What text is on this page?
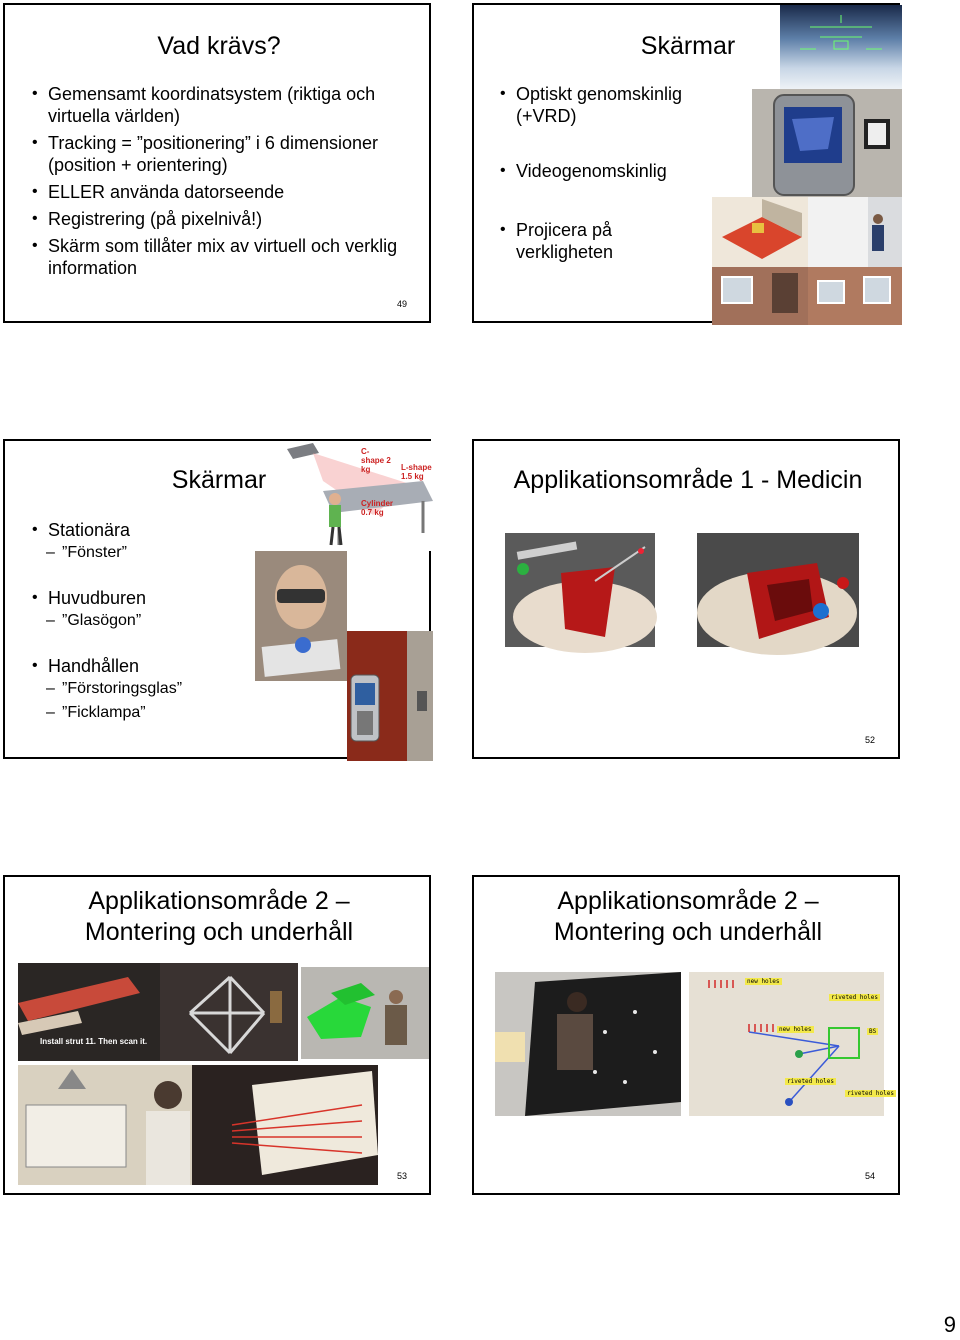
Vad krävs?
• Gemensamt koordinatsystem (riktiga och virtuella världen)
• Tracking = ”positionering” i 6 dimensioner (position + orientering)
• ELLER använda datorseende
• Registrering (på pixelnivå!)
• Skärm som tillåter mix av virtuell och verklig information
49
Skärmar
• Optiskt genomskinlig (+VRD)
• Videogenomskinlig
• Projicera på verkligheten
Skärmar
• Stationära
– ”Fönster”
• Huvudburen
– ”Glasögon”
• Handhållen
– ”Förstoringsglas”
– ”Ficklampa”
C-shape 2 kg	L-shape 1.5 kg
Cylinder 0.7 kg
Applikationsområde 1 - Medicin
52
Applikationsområde 2 –
Montering och underhåll
Install strut 11. Then scan it.
53
Applikationsområde 2 –
Montering och underhåll
new holes
riveted holes
new holes
riveted holes
riveted holes
BS
54
9
